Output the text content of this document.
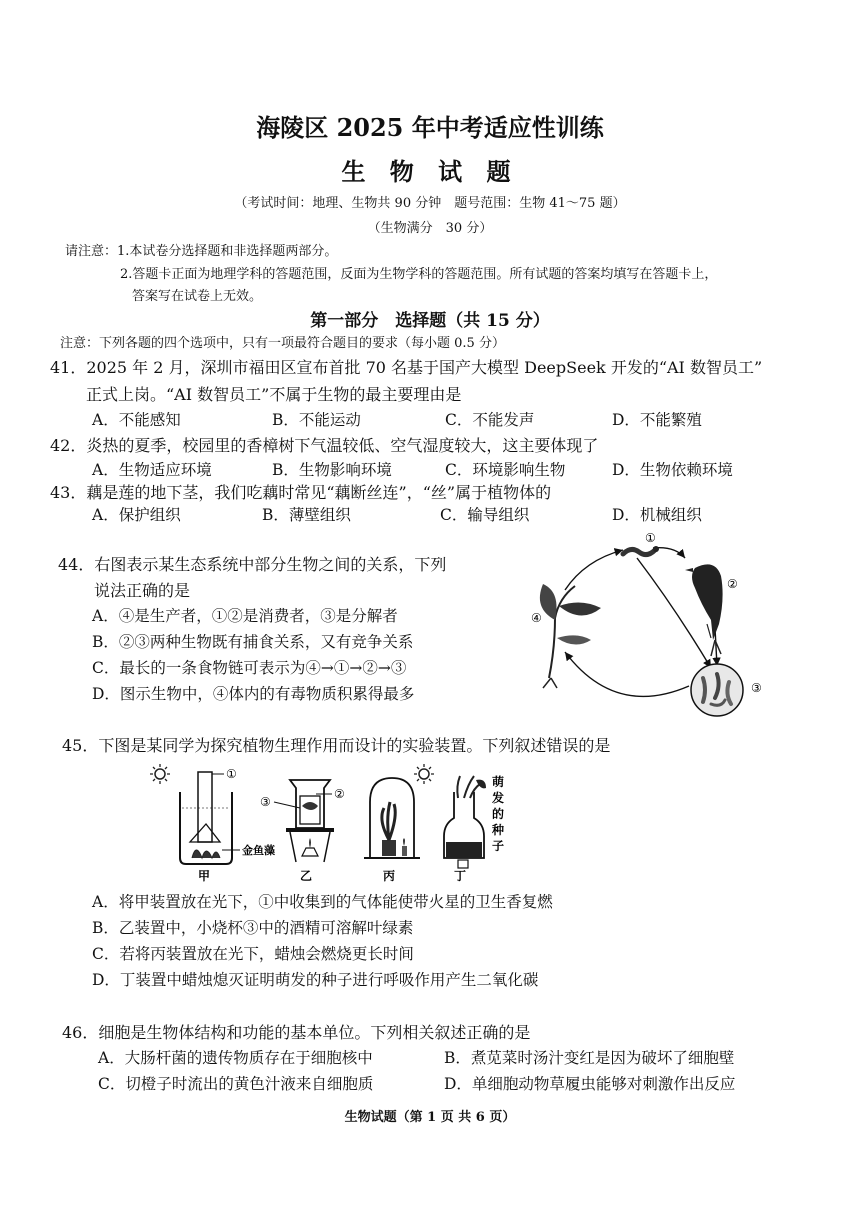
海陵区 2025 年中考适应性训练
生 物 试 题
（考试时间：地理、生物共 90 分钟　题号范围：生物 41～75 题）
（生物满分　30 分）
请注意：1.本试卷分选择题和非选择题两部分。
2.答题卡正面为地理学科的答题范围，反面为生物学科的答题范围。所有试题的答案均填写在答题卡上，
答案写在试卷上无效。
第一部分　选择题（共 15 分）
注意：下列各题的四个选项中，只有一项最符合题目的要求（每小题 0.5 分）
41．2025 年 2 月，深圳市福田区宣布首批 70 名基于国产大模型 DeepSeek 开发的“AI 数智员工”
正式上岗。“AI 数智员工”不属于生物的最主要理由是
A．不能感知	B．不能运动	C．不能发声	D．不能繁殖
42．炎热的夏季，校园里的香樟树下气温较低、空气湿度较大，这主要体现了
A．生物适应环境	B．生物影响环境	C．环境影响生物	D．生物依赖环境
43．藕是莲的地下茎，我们吃藕时常见“藕断丝连”，“丝”属于植物体的
A．保护组织	B．薄壁组织	C．输导组织	D．机械组织
44．右图表示某生态系统中部分生物之间的关系，下列
说法正确的是
A．④是生产者，①②是消费者，③是分解者
B．②③两种生物既有捕食关系，又有竞争关系
C．最长的一条食物链可表示为④→①→②→③
D．图示生物中，④体内的有毒物质积累得最多
①
②
③
④
45．下图是某同学为探究植物生理作用而设计的实验装置。下列叙述错误的是
①
金鱼藻
甲
③
②
乙	丙
萌
发
的
种
子
丁
A．将甲装置放在光下，①中收集到的气体能使带火星的卫生香复燃
B．乙装置中，小烧杯③中的酒精可溶解叶绿素
C．若将丙装置放在光下，蜡烛会燃烧更长时间
D．丁装置中蜡烛熄灭证明萌发的种子进行呼吸作用产生二氧化碳
46．细胞是生物体结构和功能的基本单位。下列相关叙述正确的是
A．大肠杆菌的遗传物质存在于细胞核中	B．煮苋菜时汤汁变红是因为破坏了细胞壁
C．切橙子时流出的黄色汁液来自细胞质	D．单细胞动物草履虫能够对刺激作出反应
生物试题（第 1 页 共 6 页）
